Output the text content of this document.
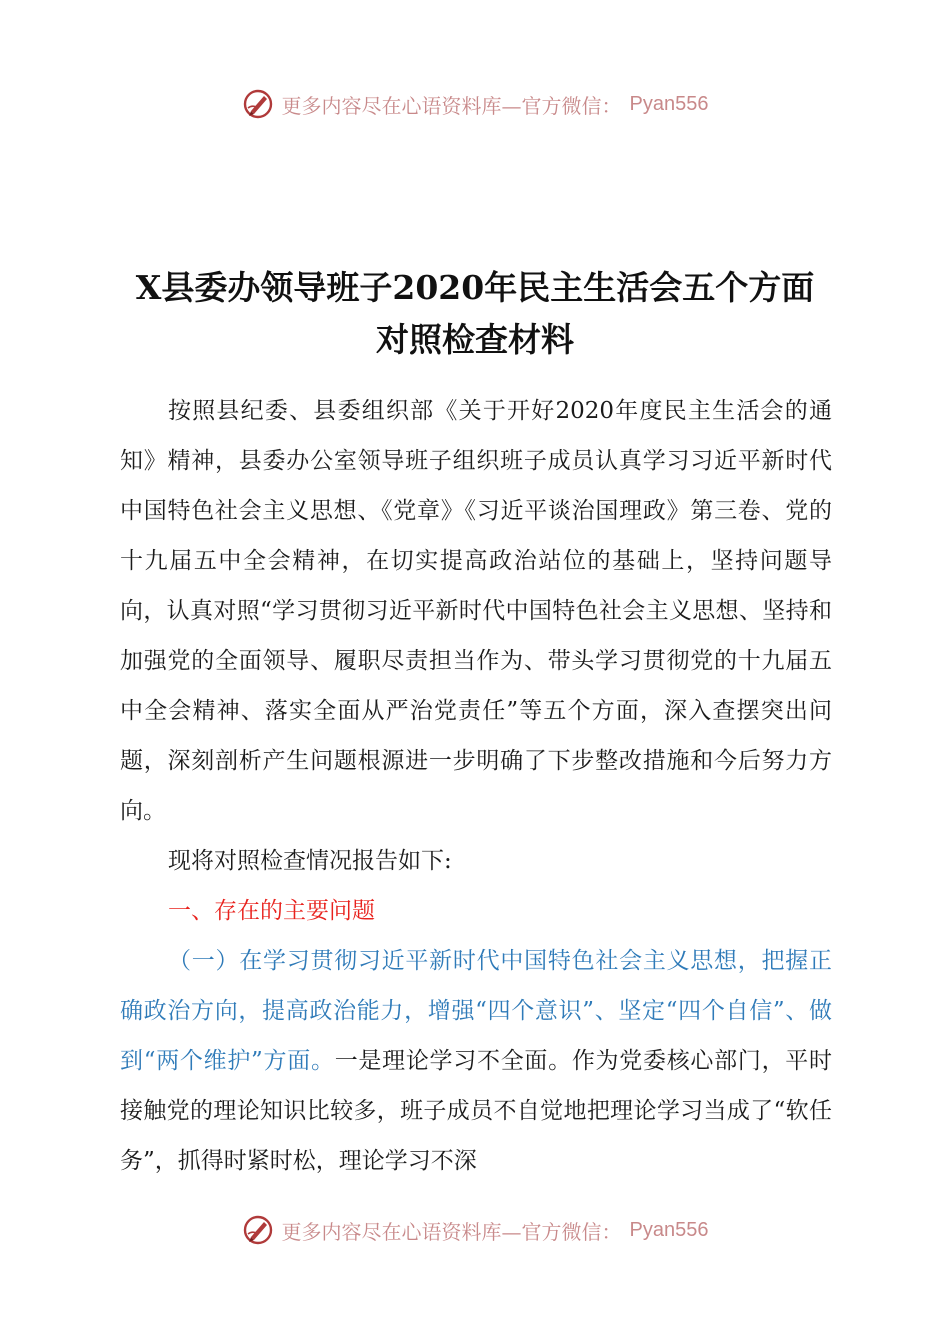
更多内容尽在心语资料库—官方微信： Pyan556
X县委办领导班子2020年民主生活会五个方面
对照检查材料

按照县纪委、县委组织部《关于开好2020年度民主生活会的通知》精神，县委办公室领导班子组织班子成员认真学习习近平新时代中国特色社会主义思想、《党章》《习近平谈治国理政》第三卷、党的十九届五中全会精神，在切实提高政治站位的基础上，坚持问题导向，认真对照“学习贯彻习近平新时代中国特色社会主义思想、坚持和加强党的全面领导、履职尽责担当作为、带头学习贯彻党的十九届五中全会精神、落实全面从严治党责任”等五个方面，深入查摆突出问题，深刻剖析产生问题根源进一步明确了下步整改措施和今后努力方向。

现将对照检查情况报告如下:

一、存在的主要问题

（一）在学习贯彻习近平新时代中国特色社会主义思想，把握正确政治方向，提高政治能力，增强“四个意识”、坚定“四个自信”、做到“两个维护”方面。一是理论学习不全面。作为党委核心部门，平时接触党的理论知识比较多，班子成员不自觉地把理论学习当成了“软任务”，抓得时紧时松，理论学习不深

更多内容尽在心语资料库—官方微信： Pyan556
